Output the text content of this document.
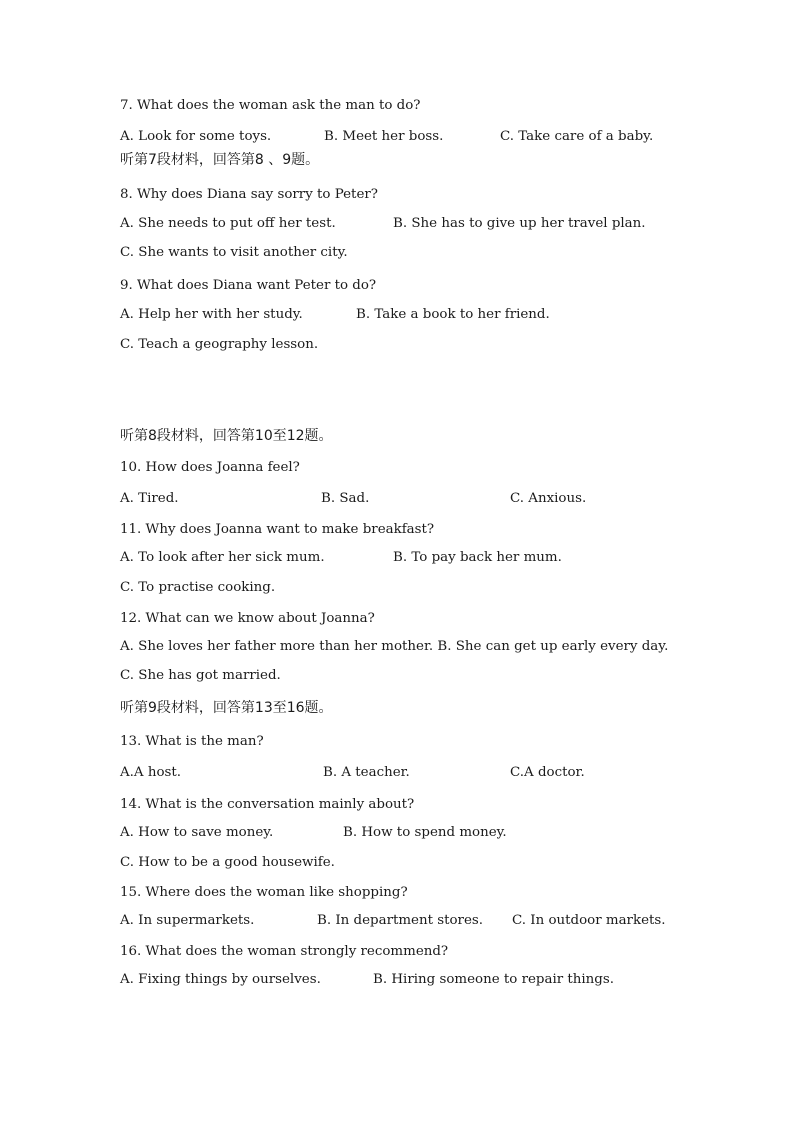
7. What does the woman ask the man to do?
A. Look for some toys.	B. Meet her boss.	C. Take care of a baby.
听第7段材料，回答第8 、9题。
8. Why does Diana say sorry to Peter?
A. She needs to put off her test.	B. She has to give up her travel plan.
C. She wants to visit another city.
9. What does Diana want Peter to do?
A. Help her with her study.	B. Take a book to her friend.
C. Teach a geography lesson.
听第8段材料，回答第10至12题。
10. How does Joanna feel?
A. Tired.	B. Sad.	C. Anxious.
11. Why does Joanna want to make breakfast?
A. To look after her sick mum.	B. To pay back her mum.
C. To practise cooking.
12. What can we know about Joanna?
A. She loves her father more than her mother. B. She can get up early every day.
C. She has got married.
听第9段材料，回答第13至16题。
13. What is the man?
A.A host.	B. A teacher.	C.A doctor.
14. What is the conversation mainly about?
A. How to save money.	B. How to spend money.
C. How to be a good housewife.
15. Where does the woman like shopping?
A. In supermarkets.	B. In department stores. C. In outdoor markets.
16. What does the woman strongly recommend?
A. Fixing things by ourselves.	B. Hiring someone to repair things.
